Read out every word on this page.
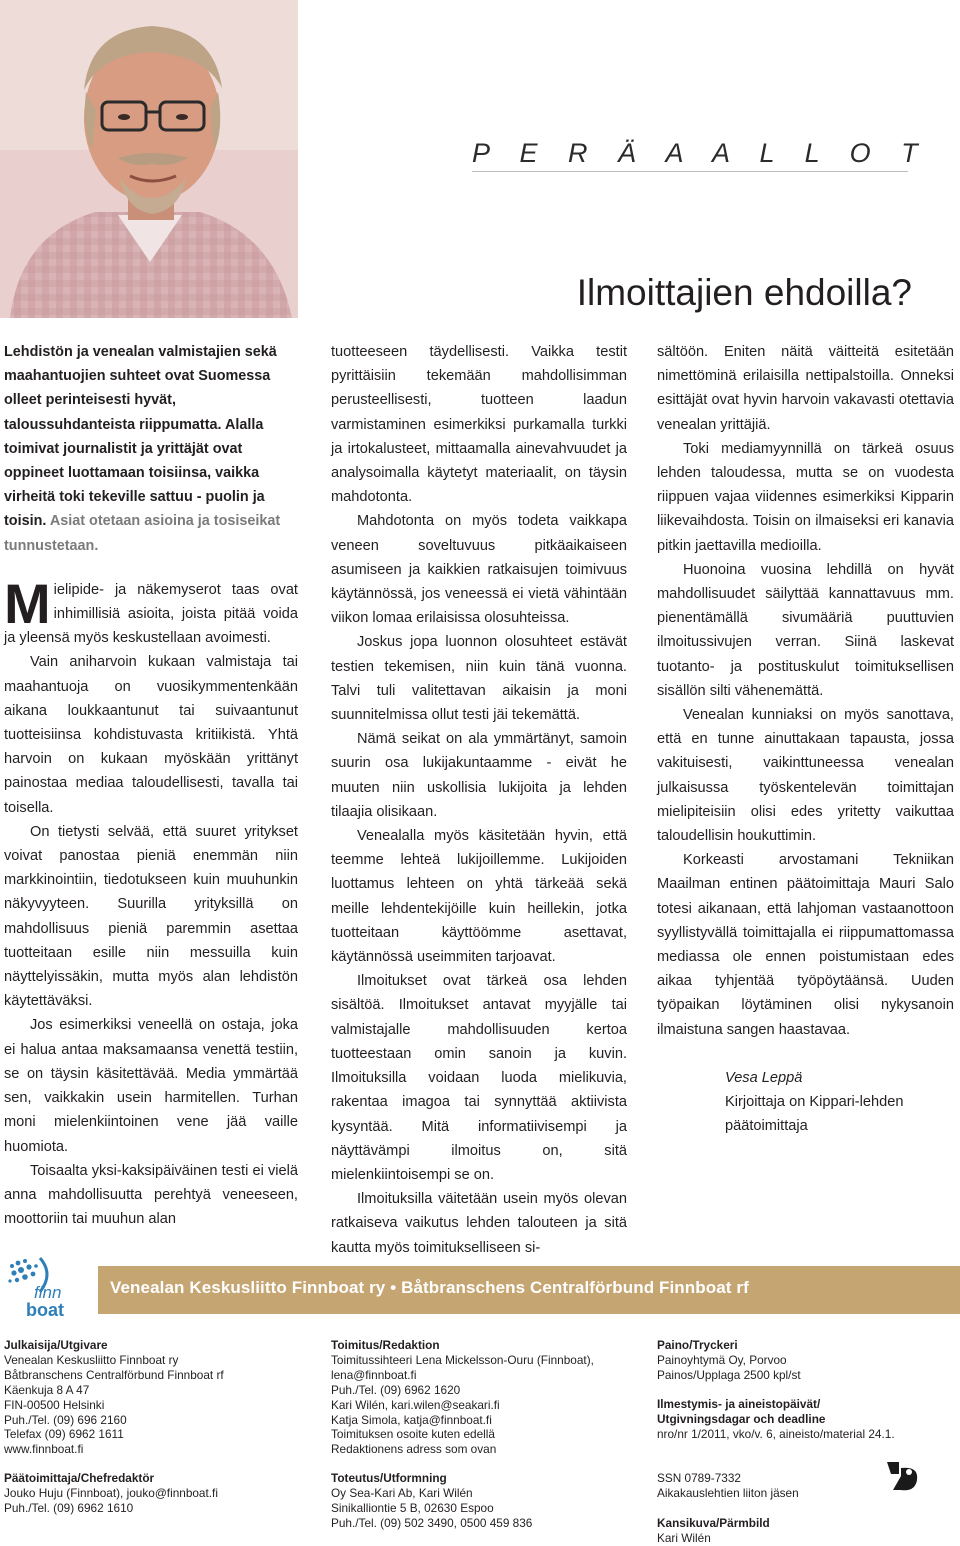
P E R Ä A A L L O T
Ilmoittajien ehdoilla?

Lehdistön ja venealan valmistajien sekä maahantuojien suhteet ovat Suomessa olleet perinteisesti hyvät, taloussuhdanteista riippumatta. Alalla toimivat journalistit ja yrittäjät ovat oppineet luottamaan toisiinsa, vaikka virheitä toki tekeville sattuu - puolin ja toisin. Asiat otetaan asioina ja tosiseikat tunnustetaan.

Mielipide- ja näkemyserot taas ovat inhimillisiä asioita, joista pitää voida ja yleensä myös keskustellaan avoimesti.

Vain aniharvoin kukaan valmistaja tai maahantuoja on vuosikymmentenkään aikana loukkaantunut tai suivaantunut tuotteisiinsa kohdistuvasta kritiikistä. Yhtä harvoin on kukaan myöskään yrittänyt painostaa mediaa taloudellisesti, tavalla tai toisella.

On tietysti selvää, että suuret yritykset voivat panostaa pieniä enemmän niin markkinointiin, tiedotukseen kuin muuhunkin näkyvyyteen. Suurilla yrityksillä on mahdollisuus pieniä paremmin asettaa tuotteitaan esille niin messuilla kuin näyttelyissäkin, mutta myös alan lehdistön käytettäväksi.

Jos esimerkiksi veneellä on ostaja, joka ei halua antaa maksamaansa venettä testiin, se on täysin käsitettävää. Media ymmärtää sen, vaikkakin usein harmitellen. Turhan moni mielenkiintoinen vene jää vaille huomiota.

Toisaalta yksi-kaksipäiväinen testi ei vielä anna mahdollisuutta perehtyä veneeseen, moottoriin tai muuhun alan

tuotteeseen täydellisesti. Vaikka testit pyrittäisiin tekemään mahdollisimman perusteellisesti, tuotteen laadun varmistaminen esimerkiksi purkamalla turkki ja irtokalusteet, mittaamalla ainevahvuudet ja analysoimalla käytetyt materiaalit, on täysin mahdotonta.

Mahdotonta on myös todeta vaikkapa veneen soveltuvuus pitkäaikaiseen asumiseen ja kaikkien ratkaisujen toimivuus käytännössä, jos veneessä ei vietä vähintään viikon lomaa erilaisissa olosuhteissa.

Joskus jopa luonnon olosuhteet estävät testien tekemisen, niin kuin tänä vuonna. Talvi tuli valitettavan aikaisin ja moni suunnitelmissa ollut testi jäi tekemättä.

Nämä seikat on ala ymmärtänyt, samoin suurin osa lukijakuntaamme - eivät he muuten niin uskollisia lukijoita ja lehden tilaajia olisikaan.

Venealalla myös käsitetään hyvin, että teemme lehteä lukijoillemme. Lukijoiden luottamus lehteen on yhtä tärkeää sekä meille lehdentekijöille kuin heillekin, jotka tuotteitaan käyttöömme asettavat, käytännössä useimmiten tarjoavat.

Ilmoitukset ovat tärkeä osa lehden sisältöä. Ilmoitukset antavat myyjälle tai valmistajalle mahdollisuuden kertoa tuotteestaan omin sanoin ja kuvin. Ilmoituksilla voidaan luoda mielikuvia, rakentaa imagoa tai synnyttää aktiivista kysyntää. Mitä informatiivisempi ja näyttävämpi ilmoitus on, sitä mielenkiintoisempi se on.

Ilmoituksilla väitetään usein myös olevan ratkaiseva vaikutus lehden talouteen ja sitä kautta myös toimitukselliseen si-

sältöön. Eniten näitä väitteitä esitetään nimettöminä erilaisilla nettipalstoilla. Onneksi esittäjät ovat hyvin harvoin vakavasti otettavia venealan yrittäjiä.

Toki mediamyynnillä on tärkeä osuus lehden taloudessa, mutta se on vuodesta riippuen vajaa viidennes esimerkiksi Kipparin liikevaihdosta. Toisin on ilmaiseksi eri kanavia pitkin jaettavilla medioilla.

Huonoina vuosina lehdillä on hyvät mahdollisuudet säilyttää kannattavuus mm. pienentämällä sivumääriä puuttuvien ilmoitussivujen verran. Siinä laskevat tuotanto- ja postituskulut toimituksellisen sisällön silti vähenemättä.

Venealan kunniaksi on myös sanottava, että en tunne ainuttakaan tapausta, jossa vakituisesti, vaikinttuneessa venealan julkaisussa työskentelevän toimittajan mielipiteisiin olisi edes yritetty vaikuttaa taloudellisin houkuttimin.

Korkeasti arvostamani Tekniikan Maailman entinen päätoimittaja Mauri Salo totesi aikanaan, että lahjoman vastaanottoon syyllistyvällä toimittajalla ei riippumattomassa mediassa ole ennen poistumistaan edes aikaa tyhjentää työpöytäänsä. Uuden työpaikan löytäminen olisi nykysanoin ilmaistuna sangen haastavaa.

Vesa Leppä
Kirjoittaja on Kippari-lehden
päätoimittaja

Venealan Keskusliitto Finnboat ry • Båtbranschens Centralförbund Finnboat rf
finn
boat
Julkaisija/Utgivare
Venealan Keskusliitto Finnboat ry
Båtbranschens Centralförbund Finnboat rf
Käenkuja 8 A 47
FIN-00500 Helsinki
Puh./Tel. (09) 696 2160
Telefax (09) 6962 1611
www.finnboat.fi
Päätoimittaja/Chefredaktör
Jouko Huju (Finnboat), jouko@finnboat.fi
Puh./Tel. (09) 6962 1610
Toimitus/Redaktion
Toimitussihteeri Lena Mickelsson-Ouru (Finnboat),
lena@finnboat.fi
Puh./Tel. (09) 6962 1620
Kari Wilén, kari.wilen@seakari.fi
Katja Simola, katja@finnboat.fi
Toimituksen osoite kuten edellä
Redaktionens adress som ovan
Toteutus/Utformning
Oy Sea-Kari Ab, Kari Wilén
Sinikalliontie 5 B, 02630 Espoo
Puh./Tel. (09) 502 3490, 0500 459 836
Paino/Tryckeri
Painoyhtymä Oy, Porvoo
Painos/Upplaga 2500 kpl/st
Ilmestymis- ja aineistopäivät/
Utgivningsdagar och deadline
nro/nr 1/2011, vko/v. 6, aineisto/material 24.1.
SSN 0789-7332
Aikakauslehtien liiton jäsen
Kansikuva/Pärmbild
Kari Wilén
